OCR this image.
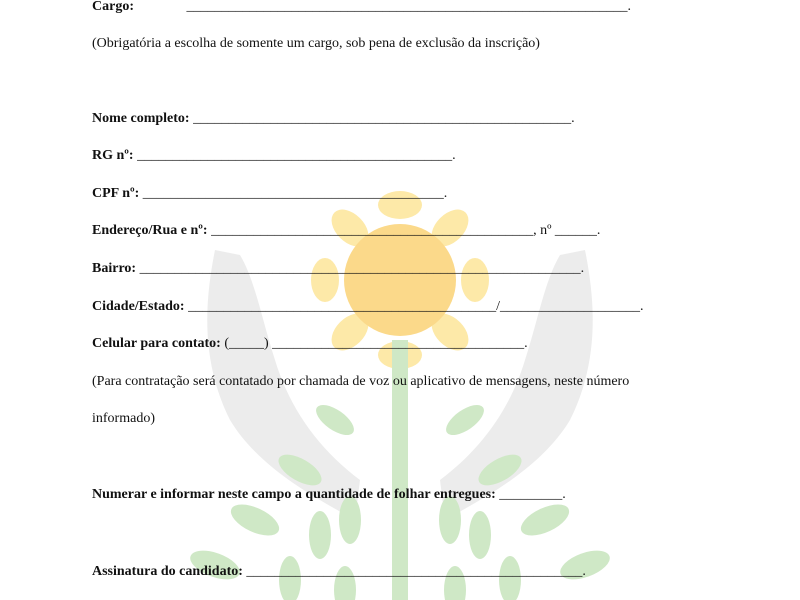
Cargo:	_______________________________________________________________.
(Obrigatória a escolha de somente um cargo, sob pena de exclusão da inscrição)
Nome completo: ______________________________________________________.
RG nº: _____________________________________________.
CPF nº: ___________________________________________.
Endereço/Rua e nº: ______________________________________________, nº ______.
Bairro: _______________________________________________________________.
Cidade/Estado: ____________________________________________/____________________.
Celular para contato: (_____) ____________________________________.
(Para contratação será contatado por chamada de voz ou aplicativo de mensagens, neste número
informado)
Numerar e informar neste campo a quantidade de folhar entregues: _________.
Assinatura do candidato: ________________________________________________.
